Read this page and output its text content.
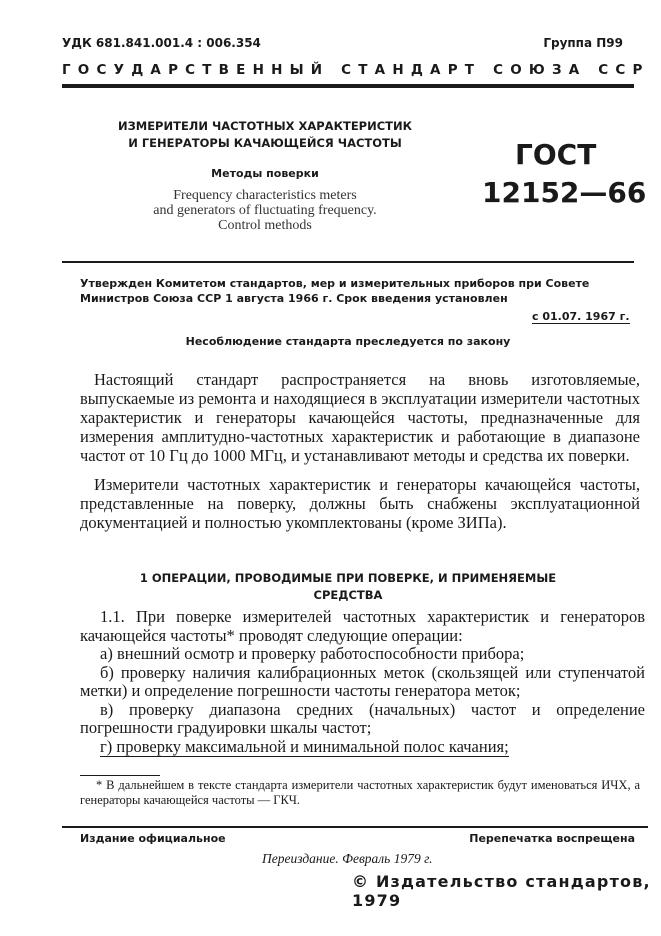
УДК 681.841.001.4 : 006.354	Группа П99
ГОСУДАРСТВЕННЫЙ СТАНДАРТ СОЮЗА ССР
ИЗМЕРИТЕЛИ ЧАСТОТНЫХ ХАРАКТЕРИСТИК
И ГЕНЕРАТОРЫ КАЧАЮЩЕЙСЯ ЧАСТОТЫ
Методы поверки
Frequency characteristics meters
and generators of fluctuating frequency.
Control methods
ГОСТ
12152—66
Утвержден Комитетом стандартов, мер и измерительных приборов при Совете Министров Союза ССР 1 августа 1966 г. Срок введения установлен
с 01.07. 1967 г.
Несоблюдение стандарта преследуется по закону
Настоящий стандарт распространяется на вновь изготовляемые, выпускаемые из ремонта и находящиеся в эксплуатации измерители частотных характеристик и генераторы качающейся частоты, предназначенные для измерения амплитудно-частотных характеристик и работающие в диапазоне частот от 10 Гц до 1000 МГц, и устанавливают методы и средства их поверки.
Измерители частотных характеристик и генераторы качающейся частоты, представленные на поверку, должны быть снабжены эксплуатационной документацией и полностью укомплектованы (кроме ЗИПа).
1 ОПЕРАЦИИ, ПРОВОДИМЫЕ ПРИ ПОВЕРКЕ, И ПРИМЕНЯЕМЫЕ
СРЕДСТВА

1.1. При поверке измерителей частотных характеристик и генераторов качающейся частоты* проводят следующие операции:

а) внешний осмотр и проверку работоспособности прибора;

б) проверку наличия калибрационных меток (скользящей или ступенчатой метки) и определение погрешности частоты генератора меток;

в) проверку диапазона средних (начальных) частот и определение погрешности градуировки шкалы частот;

г) проверку максимальной и минимальной полос качания;

* В дальнейшем в тексте стандарта измерители частотных характеристик будут именоваться ИЧХ, а генераторы качающейся частоты — ГКЧ.
Издание официальное	Перепечатка воспрещена
Переиздание. Февраль 1979 г.
© Издательство стандартов, 1979
